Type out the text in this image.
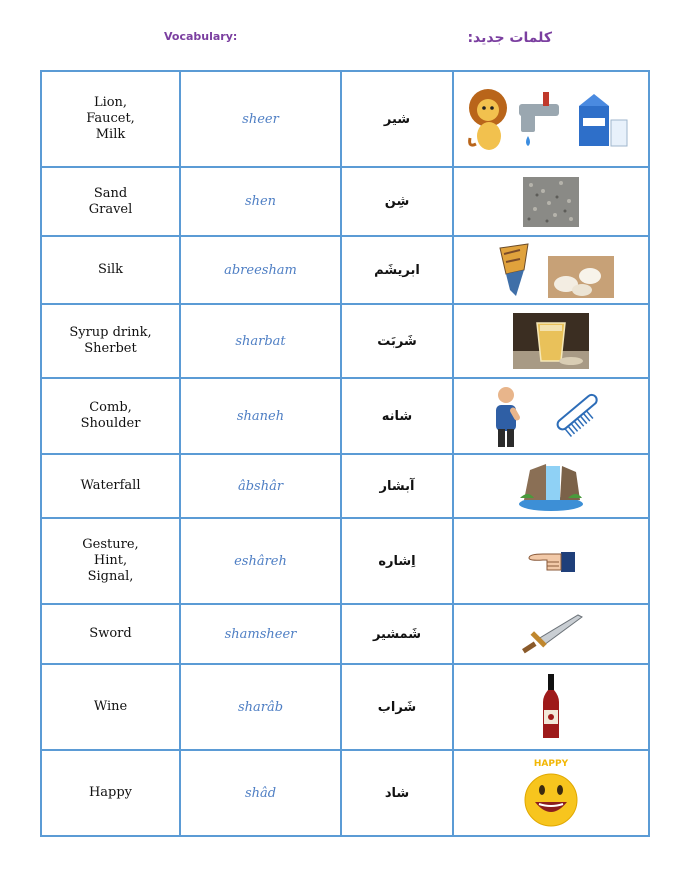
Vocabulary:	کلمات جدید:
Lion,
Faucet,
Milk	sheer	شیر	

Sand
Gravel	shen	شِن	

Silk	abreesham	ابریشَم	

Syrup drink,
Sherbet	sharbat	شَربَت	

Comb,
Shoulder	shaneh	شانه	

Waterfall	âbshâr	آبشار	

Gesture,
Hint,
Signal,	eshâreh	اِشاره	

Sword	shamsheer	شَمشیر	

Wine	sharâb	شَراب	

Happy	shâd	شاد	HAPPY
